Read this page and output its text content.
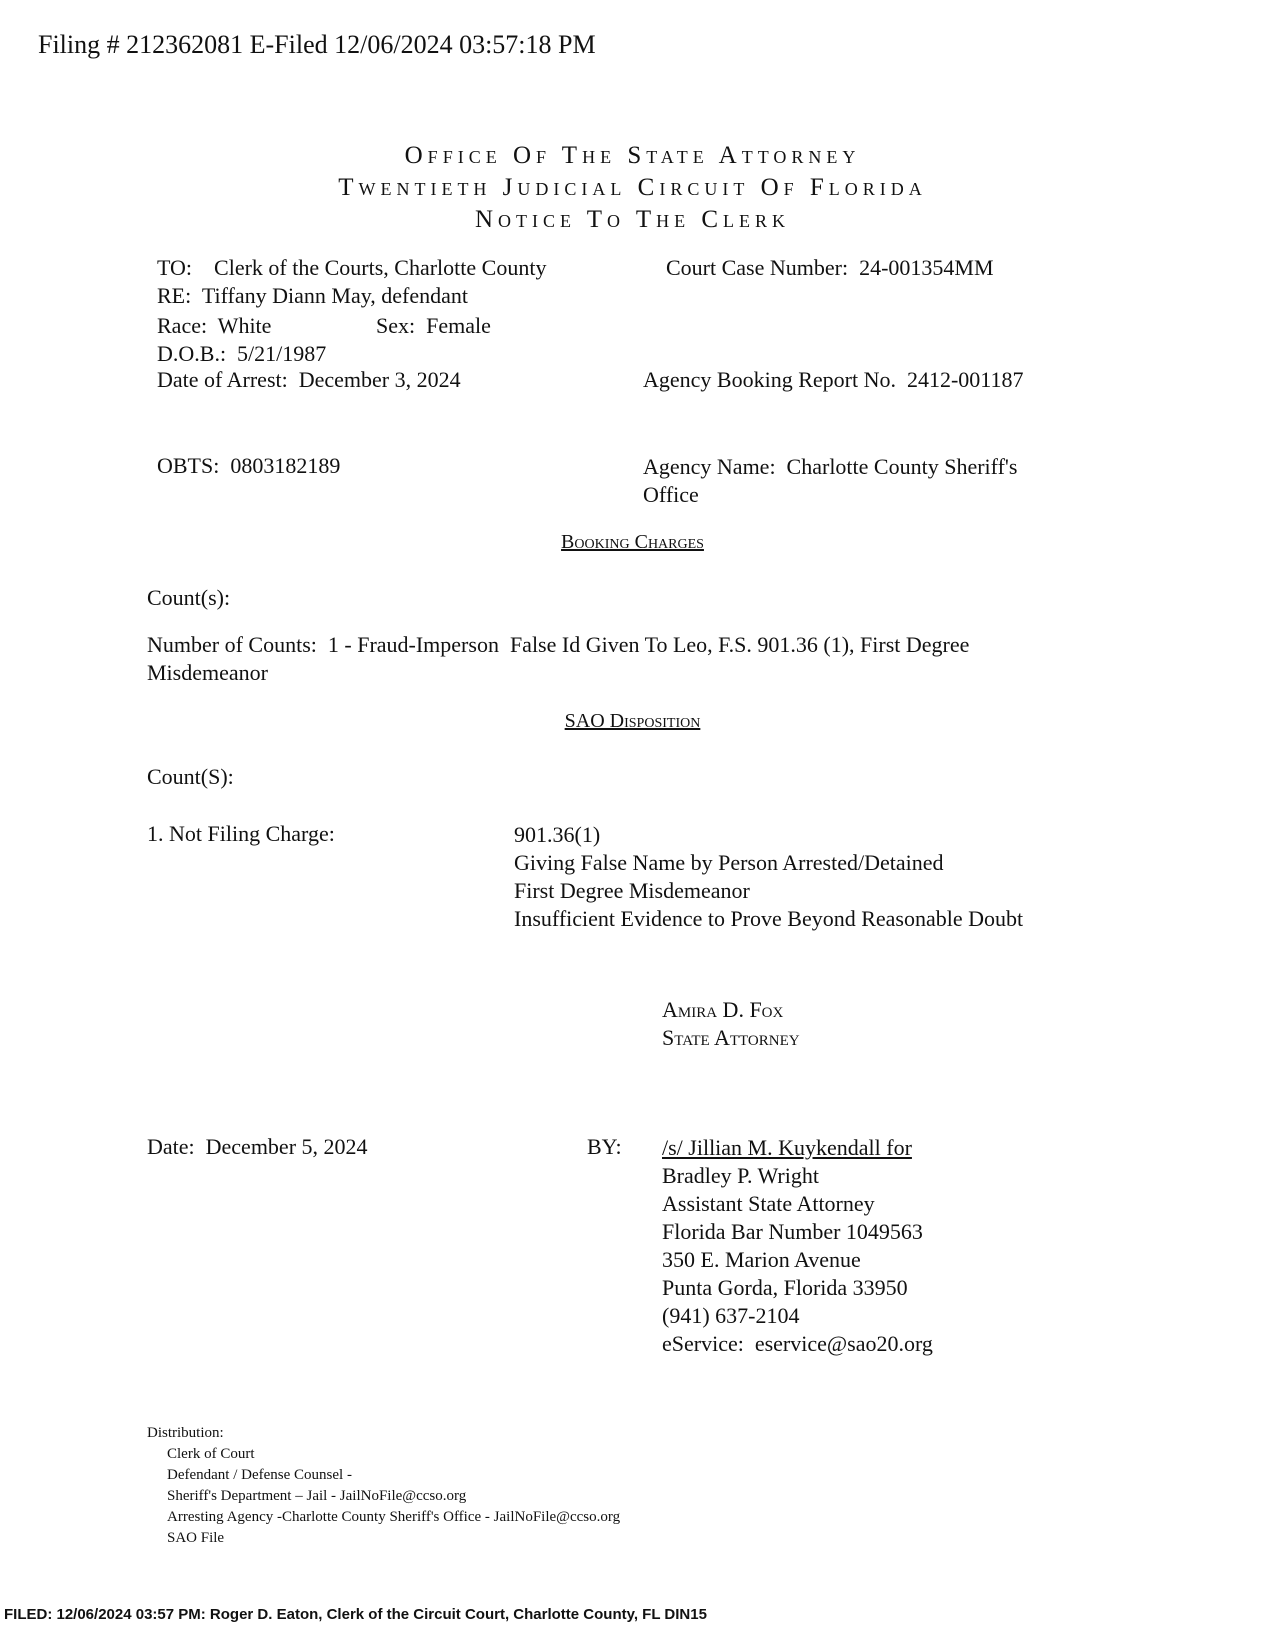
Filing # 212362081 E-Filed 12/06/2024 03:57:18 PM
Office Of The State Attorney
Twentieth Judicial Circuit Of Florida
Notice To The Clerk
TO:    Clerk of the Courts, Charlotte County
RE:  Tiffany Diann May, defendant
Race:  White	Sex:  Female
D.O.B.:  5/21/1987
Date of Arrest:  December 3, 2024
Court Case Number:  24-001354MM
Agency Booking Report No.  2412-001187
OBTS:  0803182189	Agency Name:  Charlotte County Sheriff's
Office
Booking Charges
Count(s):
Number of Counts:  1 - Fraud-Imperson  False Id Given To Leo, F.S. 901.36 (1), First Degree
Misdemeanor
SAO Disposition
Count(S):
1. Not Filing Charge:	901.36(1)
Giving False Name by Person Arrested/Detained
First Degree Misdemeanor
Insufficient Evidence to Prove Beyond Reasonable Doubt
Amira D. Fox
State Attorney
Date:  December 5, 2024	BY: /s/ Jillian M. Kuykendall for
Bradley P. Wright
Assistant State Attorney
Florida Bar Number 1049563
350 E. Marion Avenue
Punta Gorda, Florida 33950
(941) 637-2104
eService:  eservice@sao20.org
Distribution:
Clerk of Court
Defendant / Defense Counsel -
Sheriff's Department – Jail - JailNoFile@ccso.org
Arresting Agency -Charlotte County Sheriff's Office - JailNoFile@ccso.org
SAO File
FILED: 12/06/2024 03:57 PM: Roger D. Eaton, Clerk of the Circuit Court, Charlotte County, FL DIN15
